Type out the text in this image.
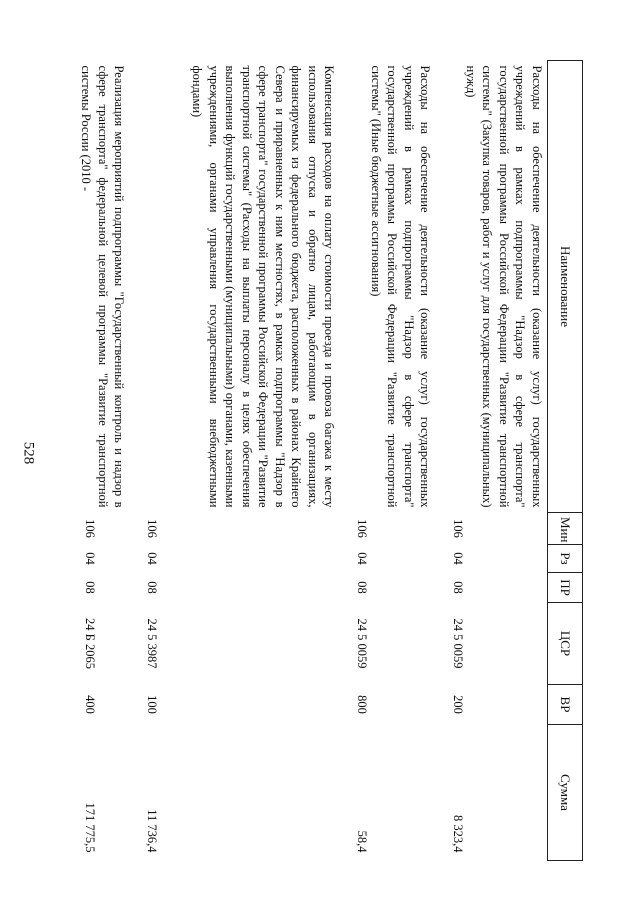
528
Наименование	Мин	Рз	ПР	ЦСР	ВР	Сумма
Расходы на обеспечение деятельности (оказание услуг) государственных учреждений в рамках подпрограммы "Надзор в сфере транспорта" государственной программы Российской Федерации "Развитие транспортной системы" (Закупка товаров, работ и услуг для государственных (муниципальных) нужд)	106	04	08	24 5 0059	200	8 323,4
Расходы на обеспечение деятельности (оказание услуг) государственных учреждений в рамках подпрограммы "Надзор в сфере транспорта" государственной программы Российской Федерации "Развитие транспортной системы" (Иные бюджетные ассигнования)	106	04	08	24 5 0059	800	58,4
Компенсация расходов на оплату стоимости проезда и провоза багажа к месту использования отпуска и обратно лицам, работающим в организациях, финансируемых из федерального бюджета, расположенных в районах Крайнего Севера и приравненных к ним местностях, в рамках подпрограммы "Надзор в сфере транспорта" государственной программы Российской Федерации "Развитие транспортной системы" (Расходы на выплаты персоналу в целях обеспечения выполнения функций государственными (муниципальными) органами, казенными учреждениями, органами управления государственными внебюджетными фондами)	106	04	08	24 5 3987	100	11 736,4
Реализация мероприятий подпрограммы "Государственный контроль и надзор в сфере транспорта" федеральной целевой программы "Развитие транспортной системы России (2010 -	106	04	08	24 Б 2065	400	171 775,5
